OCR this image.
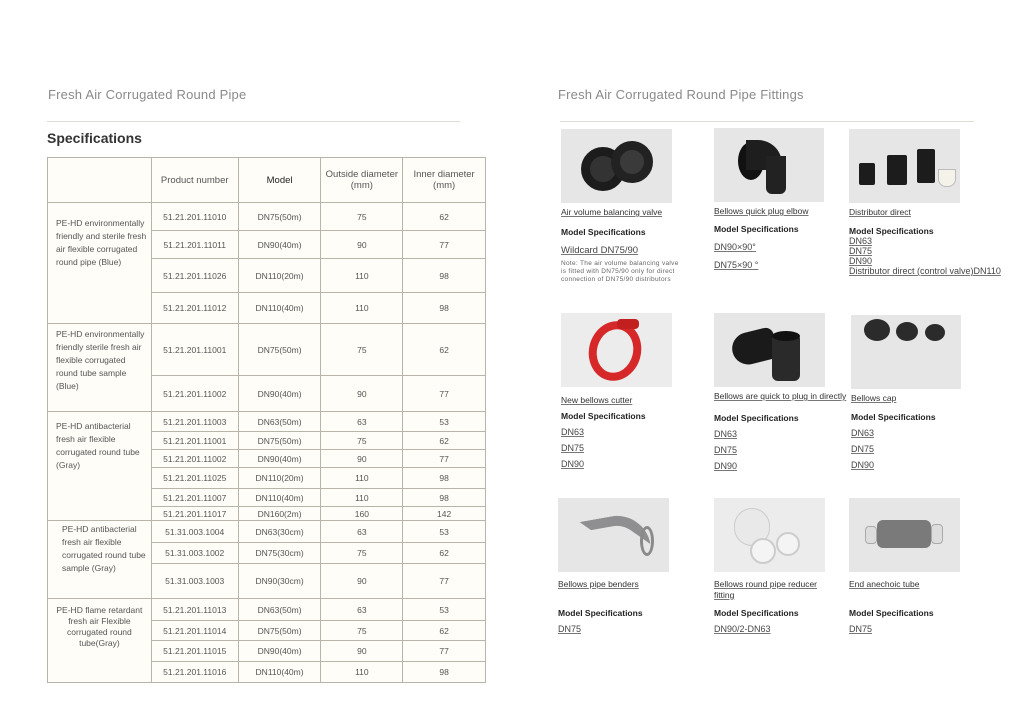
Fresh Air Corrugated Round Pipe
Specifications
	Product number	Model	Outside diameter (mm)	Inner diameter (mm)
PE-HD environmentally friendly and sterile fresh air flexible corrugated round pipe (Blue)	51.21.201.11010	DN75(50m)	75	62
	51.21.201.11011	DN90(40m)	90	77
	51.21.201.11026	DN110(20m)	110	98
	51.21.201.11012	DN110(40m)	110	98
PE-HD environmentally friendly sterile fresh air flexible corrugated round tube sample (Blue)	51.21.201.11001	DN75(50m)	75	62
	51.21.201.11002	DN90(40m)	90	77
PE-HD antibacterial fresh air flexible corrugated round tube (Gray)	51.21.201.11003	DN63(50m)	63	53
	51.21.201.11001	DN75(50m)	75	62
	51.21.201.11002	DN90(40m)	90	77
	51.21.201.11025	DN110(20m)	110	98
	51.21.201.11007	DN110(40m)	110	98
	51.21.201.11017	DN160(2m)	160	142
PE-HD antibacterial fresh air flexible corrugated round tube sample (Gray)	51.31.003.1004	DN63(30cm)	63	53
	51.31.003.1002	DN75(30cm)	75	62
	51.31.003.1003	DN90(30cm)	90	77
PE-HD flame retardant fresh air Flexible corrugated round tube(Gray)	51.21.201.11013	DN63(50m)	63	53
	51.21.201.11014	DN75(50m)	75	62
	51.21.201.11015	DN90(40m)	90	77
	51.21.201.11016	DN110(40m)	110	98
Fresh Air Corrugated Round Pipe Fittings
Air volume balancing valve
Model Specifications
Wildcard DN75/90
Note: The air volume balancing valve is fitted with DN75/90 only for direct connection of DN75/90 distributors
Bellows quick plug elbow
Model Specifications
DN90×90°
DN75×90 °
Distributor direct
Model Specifications
DN63
DN75
DN90
Distributor direct (control valve)DN110
New bellows cutter
Model Specifications
DN63
DN75
DN90
Bellows are quick to plug in directly
Model Specifications
DN63
DN75
DN90
Bellows cap
Model Specifications
DN63
DN75
DN90
Bellows pipe benders
Model Specifications
DN75
Bellows round pipe reducer fitting
Model Specifications
DN90/2-DN63
End anechoic tube
Model Specifications
DN75
